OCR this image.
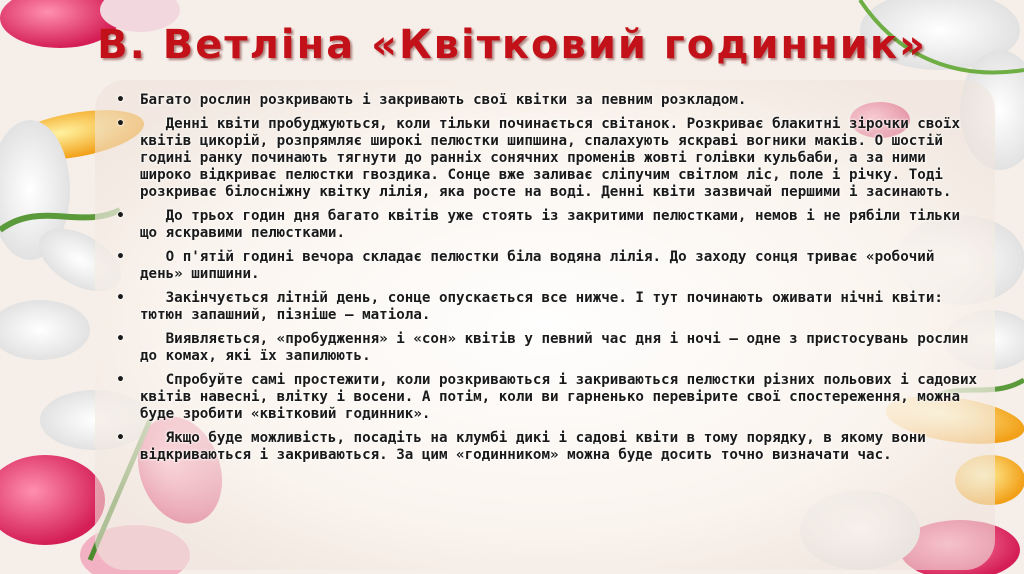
В. Ветліна «Квітковий годинник»
• Багато рослин розкривають і закривають свої квітки за певним розкладом.
• Денні квіти пробуджуються, коли тільки починається світанок. Розкриває блакитні зірочки своїх квітів цикорій, розпрямляє широкі пелюстки шипшина, спалахують яскраві вогники маків. О шостій годині ранку починають тягнути до ранніх сонячних променів жовті голівки кульбаби, а за ними широко відкриває пелюстки гвоздика. Сонце вже заливає сліпучим світлом ліс, поле і річку. Тоді розкриває білосніжну квітку лілія, яка росте на воді. Денні квіти зазвичай першими і засинають.
• До трьох годин дня багато квітів уже стоять із закритими пелюстками, немов і не рябіли тільки що яскравими пелюстками.
• О п'ятій годині вечора складає пелюстки біла водяна лілія. До заходу сонця триває «робочий день» шипшини.
• Закінчується літній день, сонце опускається все нижче. І тут починають оживати нічні квіти: тютюн запашний, пізніше – матіола.
• Виявляється, «пробудження» і «сон» квітів у певний час дня і ночі – одне з пристосувань рослин до комах, які їх запилюють.
• Спробуйте самі простежити, коли розкриваються і закриваються пелюстки різних польових і садових квітів навесні, влітку і восени. А потім, коли ви гарненько перевірите свої спостереження, можна буде зробити «квітковий годинник».
• Якщо буде можливість, посадіть на клумбі дикі і садові квіти в тому порядку, в якому вони відкриваються і закриваються. За цим «годинником» можна буде досить точно визначати час.
